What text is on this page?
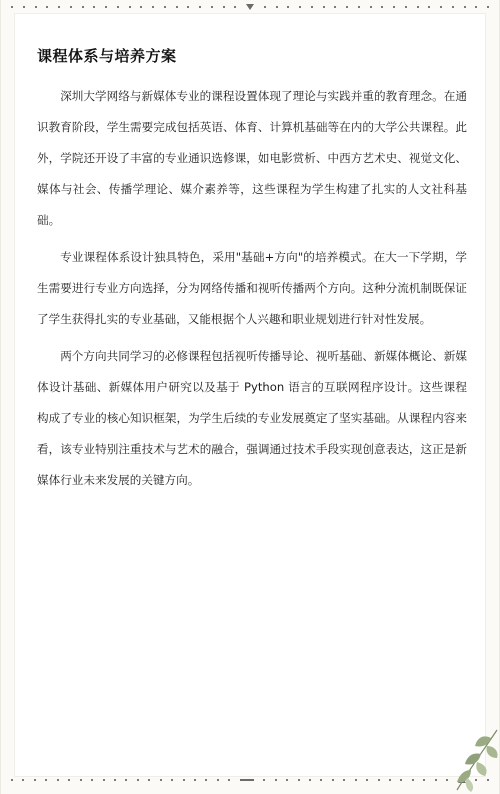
课程体系与培养方案

深圳大学网络与新媒体专业的课程设置体现了理论与实践并重的教育理念。在通识教育阶段，学生需要完成包括英语、体育、计算机基础等在内的大学公共课程。此外，学院还开设了丰富的专业通识选修课，如电影赏析、中西方艺术史、视觉文化、媒体与社会、传播学理论、媒介素养等，这些课程为学生构建了扎实的人文社科基础。

专业课程体系设计独具特色，采用"基础+方向"的培养模式。在大一下学期，学生需要进行专业方向选择，分为网络传播和视听传播两个方向。这种分流机制既保证了学生获得扎实的专业基础，又能根据个人兴趣和职业规划进行针对性发展。

两个方向共同学习的必修课程包括视听传播导论、视听基础、新媒体概论、新媒体设计基础、新媒体用户研究以及基于 Python 语言的互联网程序设计。这些课程构成了专业的核心知识框架，为学生后续的专业发展奠定了坚实基础。从课程内容来看，该专业特别注重技术与艺术的融合，强调通过技术手段实现创意表达，这正是新媒体行业未来发展的关键方向。
